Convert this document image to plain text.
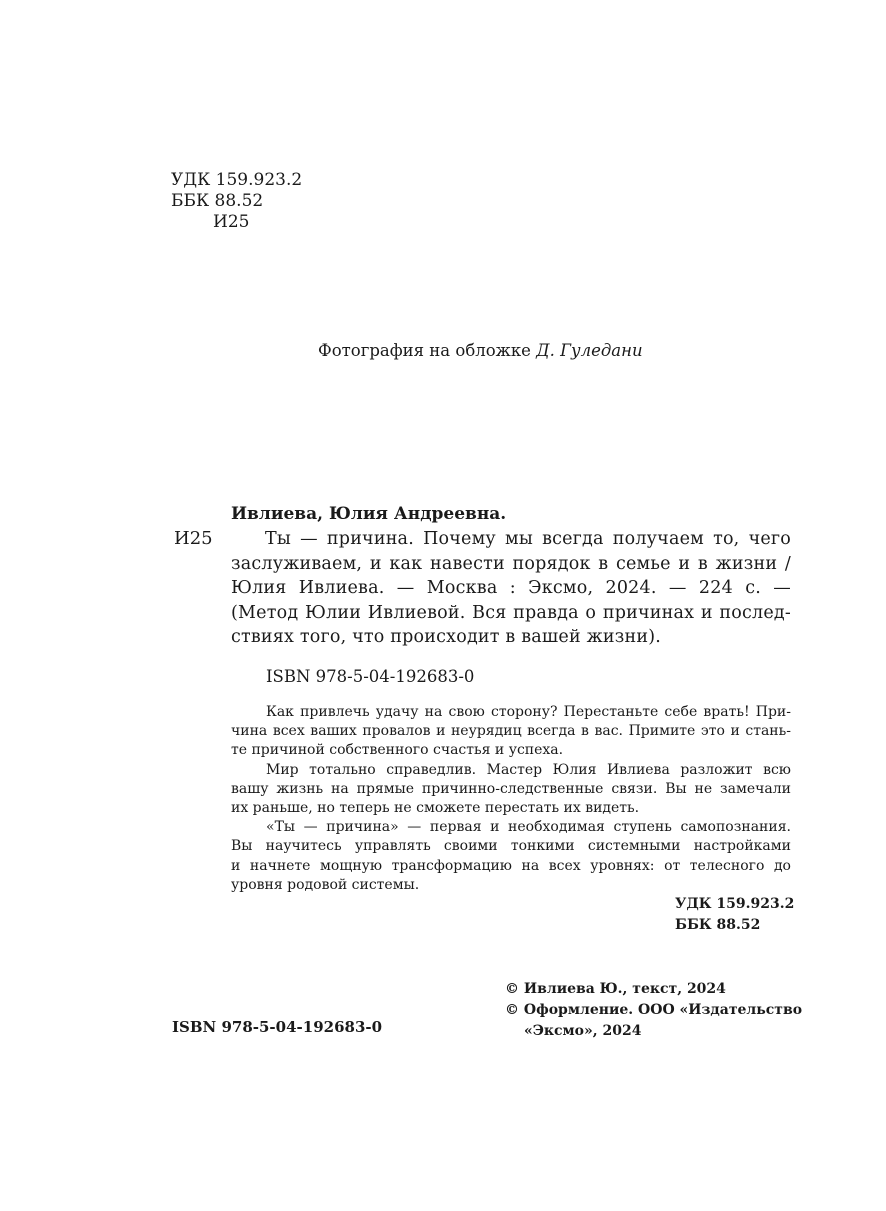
УДК 159.923.2
ББК 88.52
И25
Фотография на обложке Д. Гуледани
Ивлиева, Юлия Андреевна.
И25	Ты — причина. Почему мы всегда получаем то, чего
заслуживаем, и как навести порядок в семье и в жизни /
Юлия Ивлиева. — Москва : Эксмо, 2024. — 224 с. —
(Метод Юлии Ивлиевой. Вся правда о причинах и послед-
ствиях того, что происходит в вашей жизни).
ISBN 978-5-04-192683-0
Как привлечь удачу на свою сторону? Перестаньте себе врать! При-
чина всех ваших провалов и неурядиц всегда в вас. Примите это и стань-
те причиной собственного счастья и успеха.
Мир тотально справедлив. Мастер Юлия Ивлиева разложит всю
вашу жизнь на прямые причинно-следственные связи. Вы не замечали
их раньше, но теперь не сможете перестать их видеть.
«Ты — причина» — первая и необходимая ступень самопознания.
Вы научитесь управлять своими тонкими системными настройками
и начнете мощную трансформацию на всех уровнях: от телесного до
уровня родовой системы.
УДК 159.923.2
ББК 88.52
© Ивлиева Ю., текст, 2024
© Оформление. ООО «Издательство
«Эксмо», 2024
ISBN 978-5-04-192683-0
